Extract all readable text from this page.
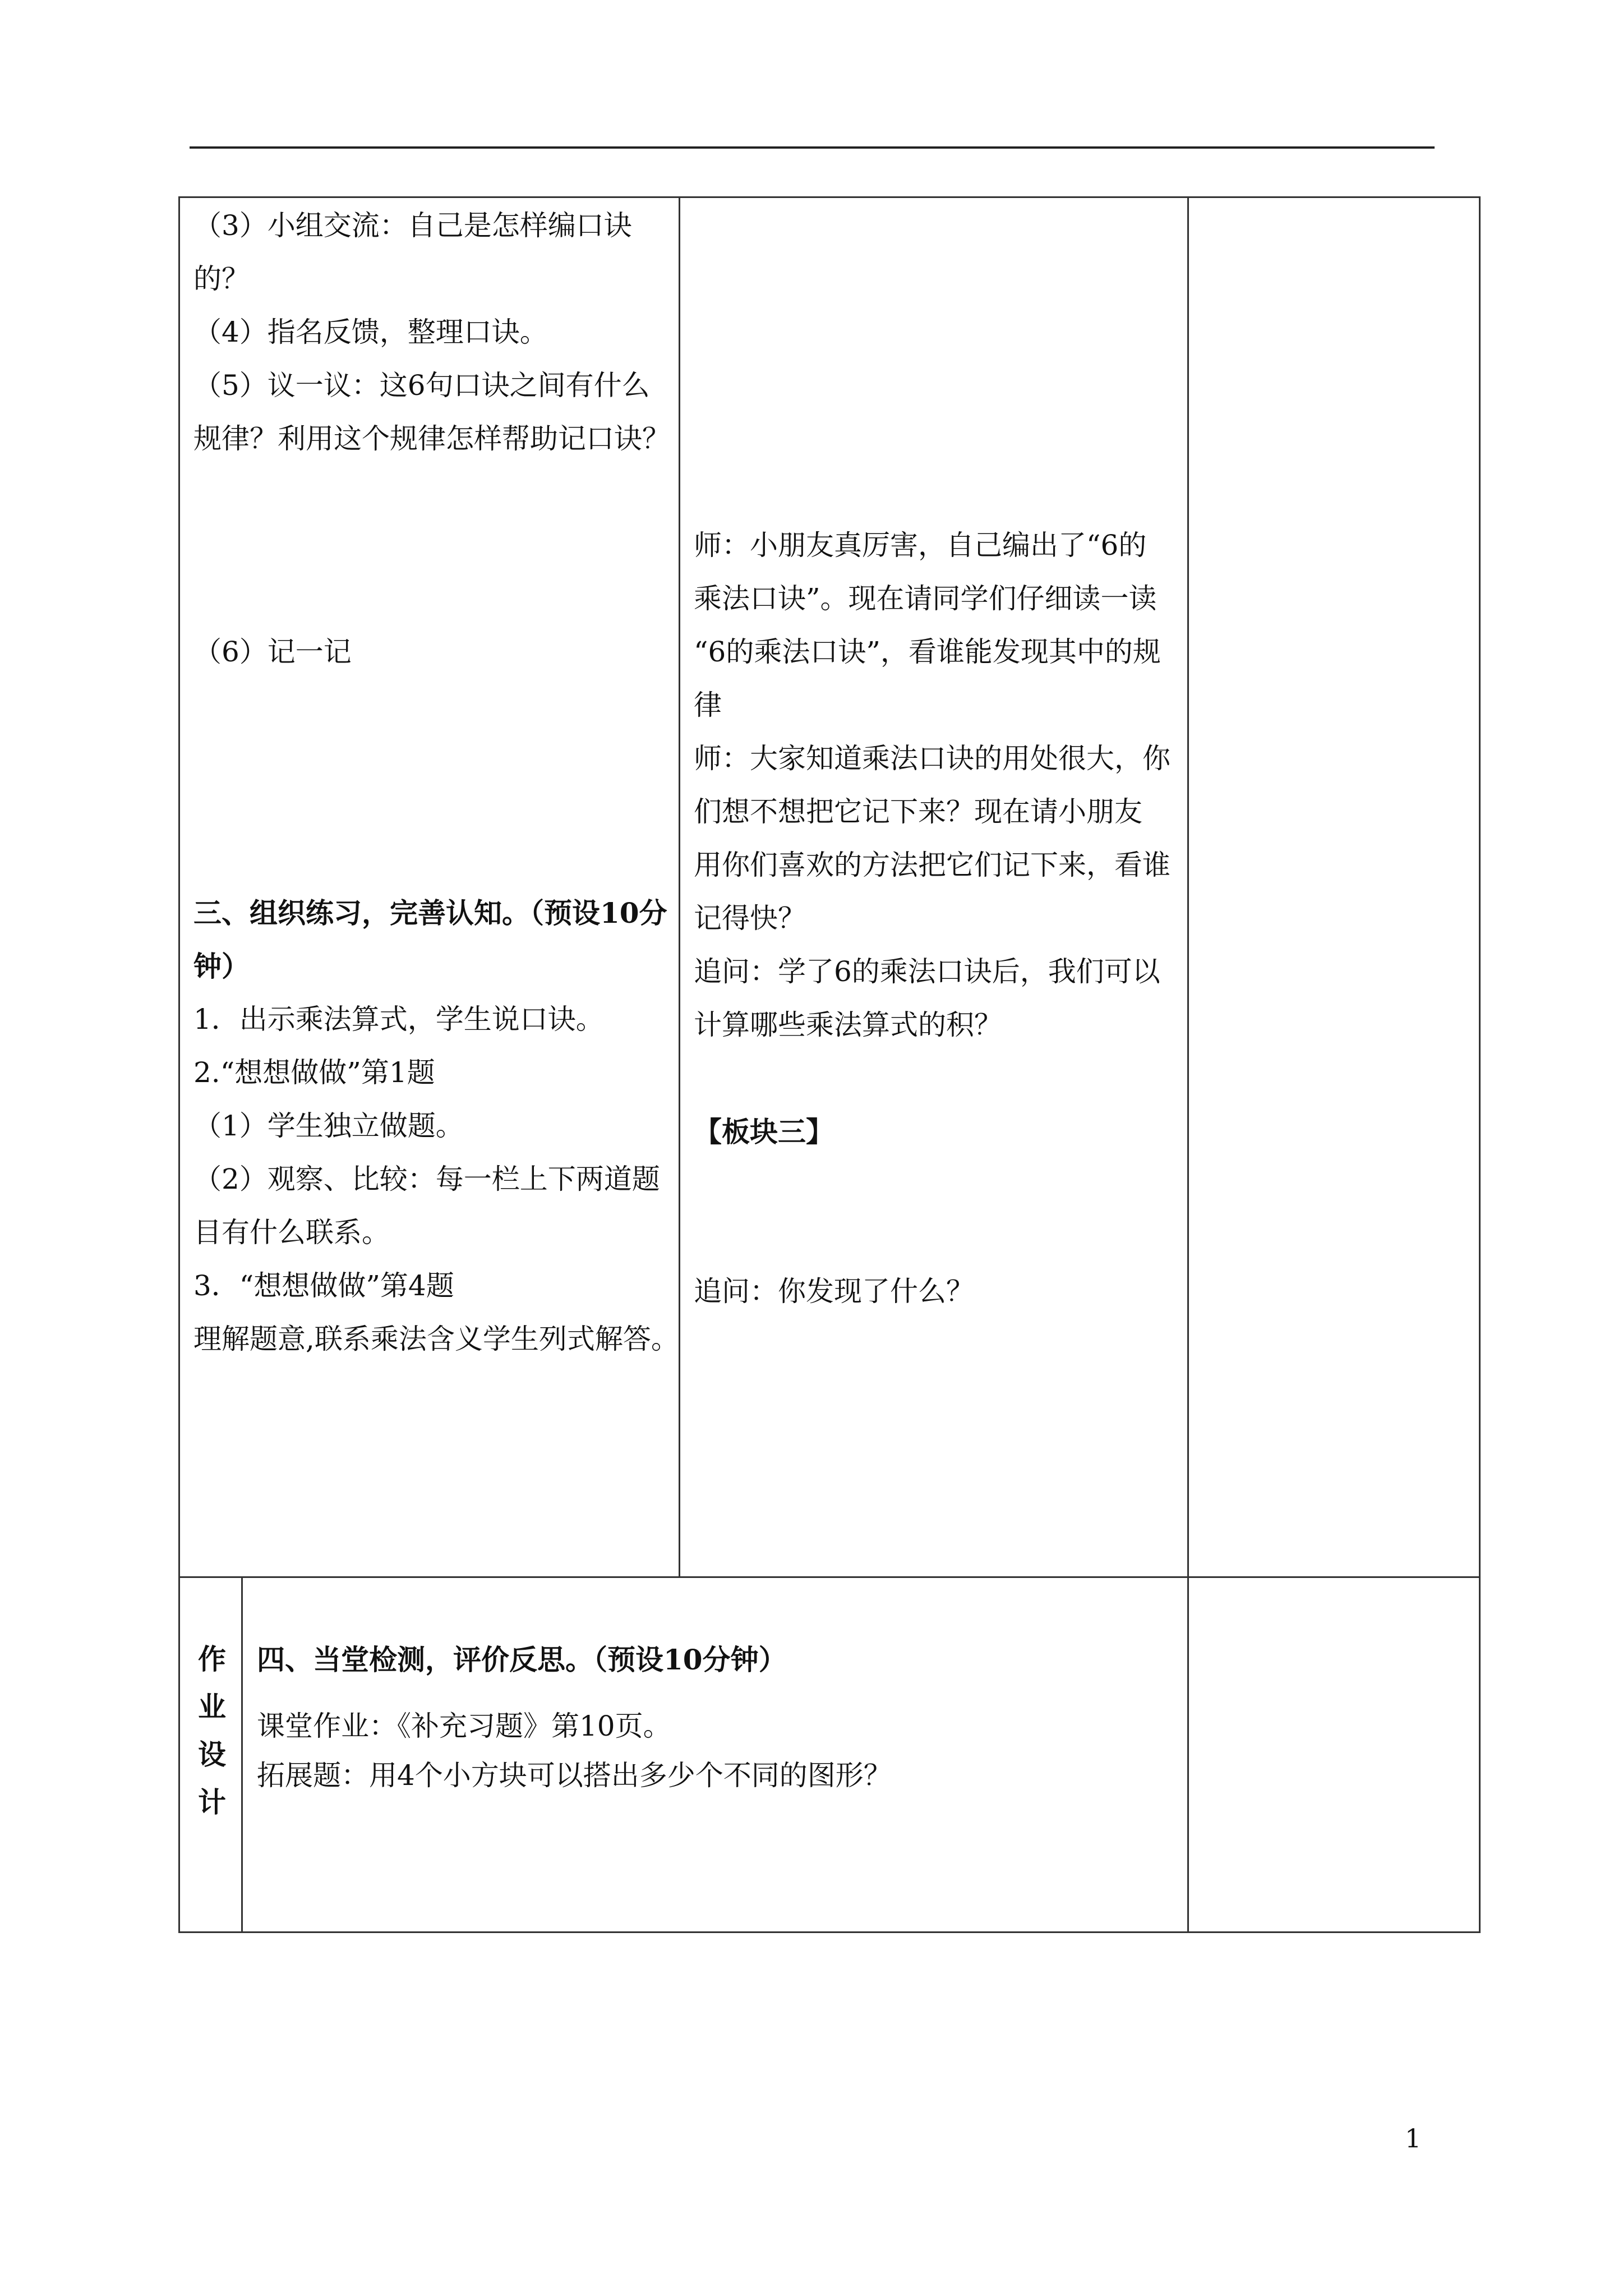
（3）小组交流：自己是怎样编口诀

的？

（4）指名反馈，整理口诀。

（5）议一议：这6句口诀之间有什么

规律？利用这个规律怎样帮助记口诀？

（6）记一记

三、组织练习，完善认知。（预设10分

钟）

1．出示乘法算式，学生说口诀。

2.“想想做做”第1题

（1）学生独立做题。

（2）观察、比较：每一栏上下两道题

目有什么联系。

3．“想想做做”第4题

理解题意,联系乘法含义学生列式解答。

师：小朋友真厉害，自己编出了“6的

乘法口诀”。现在请同学们仔细读一读

“6的乘法口诀”，看谁能发现其中的规

律

师：大家知道乘法口诀的用处很大，你

们想不想把它记下来？现在请小朋友

用你们喜欢的方法把它们记下来，看谁

记得快？

追问：学了6的乘法口诀后，我们可以

计算哪些乘法算式的积？

【板块三】

追问：你发现了什么？

作
业
设
计

四、当堂检测，评价反思。（预设10分钟）

课堂作业：《补充习题》第10页。

拓展题：用4个小方块可以搭出多少个不同的图形？

1
